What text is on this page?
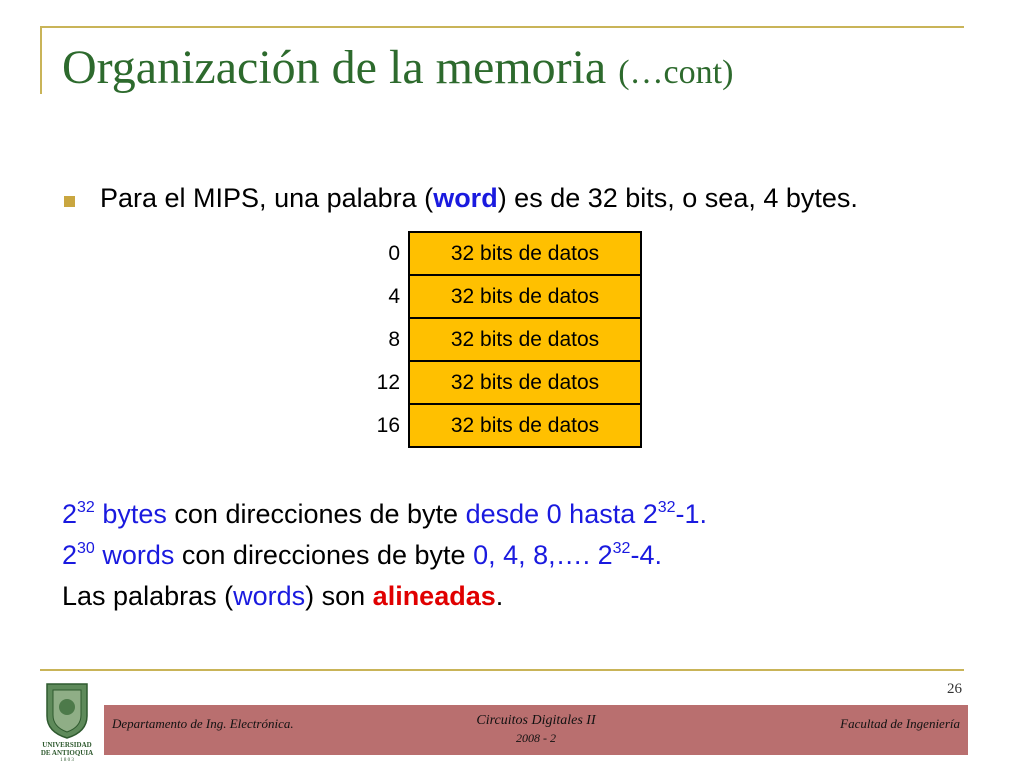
Organización de la memoria (…cont)
Para el MIPS, una palabra (word) es de 32 bits, o sea, 4 bytes.
0	32 bits de datos
4	32 bits de datos
8	32 bits de datos
12	32 bits de datos
16	32 bits de datos
$2^{32}$ bytes con direcciones de byte desde 0 hasta $2^{32}-1$.
$2^{30}$ words con direcciones de byte 0, 4, 8,…. $2^{32}-4$.
Las palabras (words) son alineadas.
26
UNIVERSIDAD
DE ANTIOQUIA
1 8 0 3
Departamento de Ing. Electrónica.	Circuitos Digitales II
2008 - 2
Facultad de Ingeniería
